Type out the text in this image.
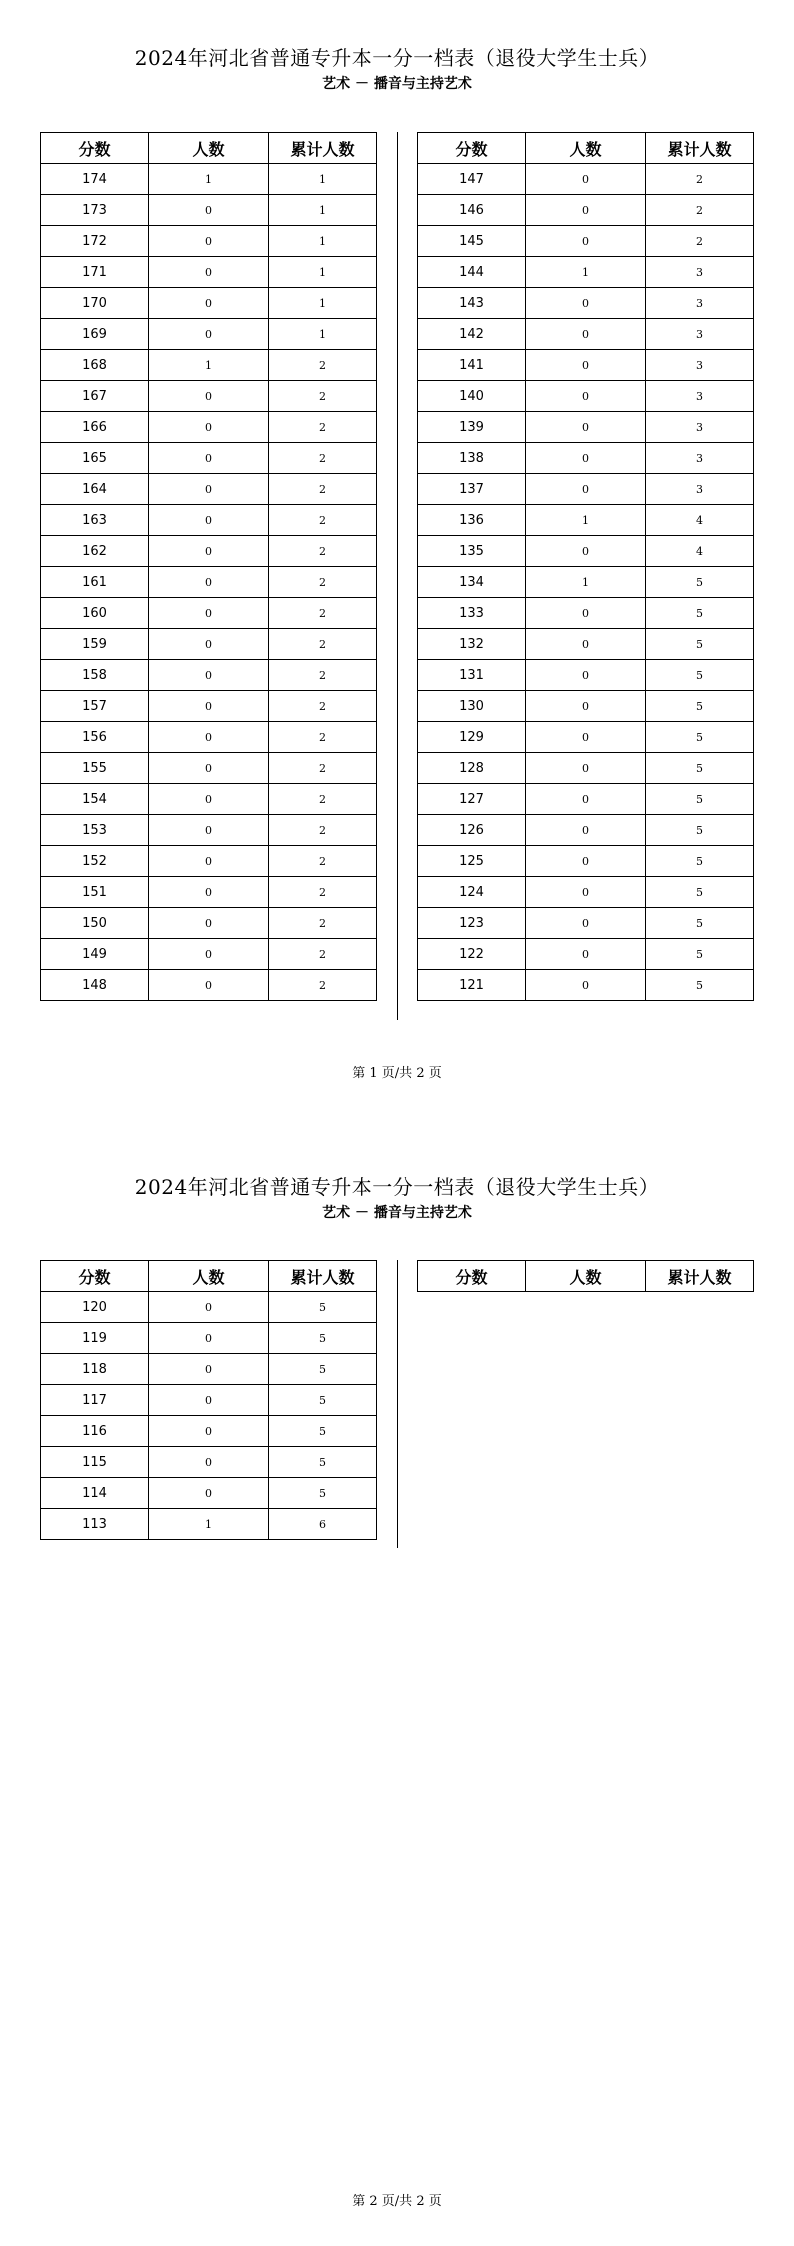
2024年河北省普通专升本一分一档表（退役大学生士兵）
艺术 － 播音与主持艺术
分数	人数	累计人数
174	1	1
173	0	1
172	0	1
171	0	1
170	0	1
169	0	1
168	1	2
167	0	2
166	0	2
165	0	2
164	0	2
163	0	2
162	0	2
161	0	2
160	0	2
159	0	2
158	0	2
157	0	2
156	0	2
155	0	2
154	0	2
153	0	2
152	0	2
151	0	2
150	0	2
149	0	2
148	0	2
分数	人数	累计人数
147	0	2
146	0	2
145	0	2
144	1	3
143	0	3
142	0	3
141	0	3
140	0	3
139	0	3
138	0	3
137	0	3
136	1	4
135	0	4
134	1	5
133	0	5
132	0	5
131	0	5
130	0	5
129	0	5
128	0	5
127	0	5
126	0	5
125	0	5
124	0	5
123	0	5
122	0	5
121	0	5
第 1 页/共 2 页
2024年河北省普通专升本一分一档表（退役大学生士兵）
艺术 － 播音与主持艺术
分数	人数	累计人数
120	0	5
119	0	5
118	0	5
117	0	5
116	0	5
115	0	5
114	0	5
113	1	6
分数	人数	累计人数
第 2 页/共 2 页
